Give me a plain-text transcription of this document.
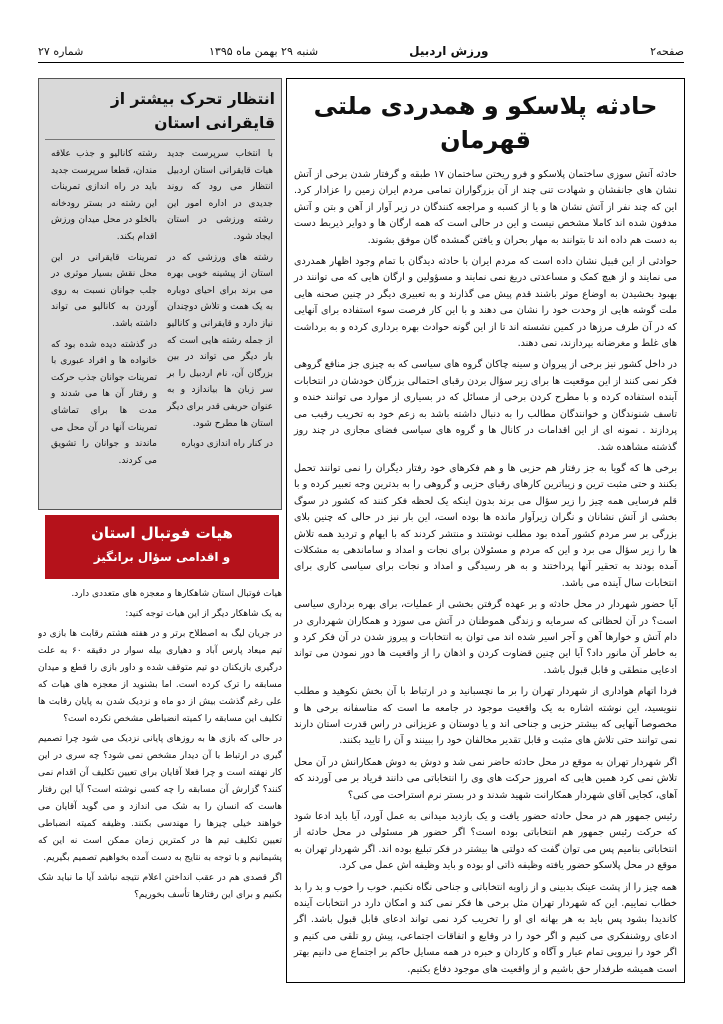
صفحه۲
ورزش اردبیل
شنبه ۲۹ بهمن ماه ۱۳۹۵
شماره ۲۷
حادثه پلاسکو و همدردی ملتی قهرمان

حادثه آتش سوزی ساختمان پلاسکو و فرو ریختن ساختمان ۱۷ طبقه و گرفتار شدن برخی از آتش نشان های جانفشان و شهادت تنی چند از آن بزرگواران تمامی مردم ایران زمین را عزادار کرد. این که چند نفر از آتش نشان ها و یا از کسبه و مراجعه کنندگان در زیر آوار از آهن و بتن و آتش مدفون شده اند کاملا مشخص نیست و این در حالی است که همه ارگان ها و دوایر ذیربط دست به دست هم داده اند تا بتوانند به مهار بحران و یافتن گمشده گان موفق بشوند.

حوادثی از این قبیل نشان داده است که مردم ایران با حادثه دیدگان با تمام وجود اظهار همدردی می نمایند و از هیچ کمک و مساعدتی دریغ نمی نمایند و مسؤولین و ارگان هایی که می توانند در بهبود بخشیدن به اوضاع موثر باشند قدم پیش می گذارند و به تعبیری دیگر در چنین صحنه هایی ملت گوشه هایی از وحدت خود را نشان می دهند و با این کار فرصت سوء استفاده برای آنهایی که در آن طرف مرزها در کمین نشسته اند تا از این گونه حوادث بهره برداری کرده و به برداشت های غلط و مغرضانه بپردازند، نمی دهند.

در داخل کشور نیز برخی از پیروان و سینه چاکان گروه های سیاسی که به چیزی جز منافع گروهی فکر نمی کنند از این موقعیت ها برای زیر سؤال بردن رقبای احتمالی بزرگان خودشان در انتخابات آینده استفاده کرده و با مطرح کردن برخی از مسائل که در بسیاری از موارد می توانند خنده و تاسف شنوندگان و خوانندگان مطالب را به دنبال داشته باشد به زعم خود به تخریب رقیب می پردازند . نمونه ای از این اقدامات در کانال ها و گروه های سیاسی فضای مجازی در چند روز گذشته مشاهده شد.

برخی ها که گویا به جز رفتار هم حزبی ها و هم فکرهای خود رفتار دیگران را نمی توانند تحمل بکنند و حتی مثبت ترین و زیباترین کارهای رقبای حزبی و گروهی را به بدترین وجه تعبیر کرده و با قلم فرسایی همه چیز را زیر سؤال می برند بدون اینکه یک لحظه فکر کنند که کشور در سوگ بخشی از آتش نشانان و نگران زیرآوار مانده ها بوده است، این بار نیز در حالی که چنین بلای بزرگی بر سر مردم کشور آمده بود مطلب نوشتند و منتشر کردند که با ایهام و تردید همه تلاش ها را زیر سؤال می برد و این که مردم و مسئولان برای نجات و امداد و ساماندهی به مشکلات آمده بودند به تحقیر آنها پرداختند و به هر رسیدگی و امداد و نجات برای سیاسی کاری برای انتخابات سال آینده می باشد.

آیا حضور شهردار در محل حادثه و بر عهده گرفتن بخشی از عملیات، برای بهره برداری سیاسی است؟ در آن لحظاتی که سرمایه و زندگی هموطنان در آتش می سوزد و همکاران شهرداری در دام آتش و خوارها آهن و آجر اسیر شده اند می توان به انتخابات و پیروز شدن در آن فکر کرد و به خاطر آن مانور داد؟ آیا این چنین قضاوت کردن و اذهان را از واقعیت ها دور نمودن می تواند ادعایی منطقی و قابل قبول باشد.

فردا اتهام هواداری از شهردار تهران را بر ما نچسبانید و در ارتباط با آن بخش نکوهید و مطلب ننویسید، این نوشته اشاره به یک واقعیت موجود در جامعه ما است که متاسفانه برخی ها و مخصوصا آنهایی که بیشتر حزبی و جناحی اند و یا دوستان و عزیزانی در راس قدرت استان دارند نمی توانند حتی تلاش های مثبت و قابل تقدیر مخالفان خود را ببینند و آن را تایید بکنند.

اگر شهردار تهران به موقع در محل حادثه حاضر نمی شد و دوش به دوش همکارانش در آن محل تلاش نمی کرد همین هایی که امروز حرکت های وی را انتخاباتی می دانند فریاد بر می آوردند که آهای، کجایی آقای شهردار همکارانت شهید شدند و در بستر نرم استراحت می کنی؟

رئیس جمهور هم در محل حادثه حضور یافت و یک بازدید میدانی به عمل آورد، آیا باید ادعا شود که حرکت رئیس جمهور هم انتخاباتی بوده است؟ اگر حضور هر مسئولی در محل حادثه از انتخاباتی بنامیم پس می توان گفت که دولتی ها بیشتر در فکر تبلیغ بوده اند. اگر شهردار تهران به موقع در محل پلاسکو حضور یافته وظیفه ذاتی او بوده و باید وظیفه اش عمل می کرد.

همه چیز را از پشت عینک بدبینی و از زاویه انتخاباتی و جناحی نگاه نکنیم. خوب را خوب و بد را بد خطاب نماییم. این که شهردار تهران مثل برخی ها فکر نمی کند و امکان دارد در انتخابات آینده کاندیدا بشود پس باید به هر بهانه ای او را تخریب کرد نمی تواند ادعای قابل قبول باشد. اگر ادعای روشنفکری می کنیم و اگر خود را در وقایع و اتفاقات اجتماعی، پیش رو تلقی می کنیم و اگر خود را نیرویی تمام عیار و آگاه و کاردان و خبره در همه مسایل حاکم بر اجتماع می دانیم بهتر است همیشه طرفدار حق باشیم و از واقعیت های موجود دفاع بکنیم.

انتظار تحرک بیشتر از قایقرانی استان

با انتخاب سرپرست جدید هیات قایقرانی استان اردبیل انتظار می رود که روند جدیدی در اداره امور این رشته ورزشی در استان ایجاد شود.

رشته های ورزشی که در استان از پیشینه خوبی بهره می برند برای احیای دوباره به یک همت و تلاش دوچندان نیاز دارد و قایقرانی و کانالیو از جمله رشته هایی است که بار دیگر می تواند در بین بزرگان آن، نام اردبیل را بر سر زبان ها بیاندازد و به عنوان حریفی قدر برای دیگر استان ها مطرح شود.

در کنار راه اندازی دوباره

رشته کانالیو و جذب علاقه مندان، قطعا سرپرست جدید باید در راه اندازی تمرینات این رشته در بستر رودخانه بالخلو در محل میدان ورزش اقدام بکند.

تمرینات قایقرانی در این محل نقش بسیار موثری در جلب جوانان نسبت به روی آوردن به کانالیو می تواند داشته باشد.

در گذشته دیده شده بود که خانواده ها و افراد عبوری با تمرینات جوانان جذب حرکت و رفتار آن ها می شدند و مدت ها برای تماشای تمرینات آنها در آن محل می ماندند و جوانان را تشویق می کردند.

هیات فوتبال استان
و اقدامی سؤال برانگیز

هیات فوتبال استان شاهکارها و معجزه های متعددی دارد.

به یک شاهکار دیگر از این هیات توجه کنید:

در جریان لیگ به اصطلاح برتر و در هفته هشتم رقابت ها بازی دو تیم میعاد پارس آباد و دهیاری بیله سوار در دقیقه ۶۰ به علت درگیری بازیکنان دو تیم متوقف شده و داور بازی را قطع و میدان مسابقه را ترک کرده است. اما بشنوید از معجزه های هیات که علی رغم گذشت بیش از دو ماه و نزدیک شدن به پایان رقابت ها تکلیف این مسابقه را کمیته انضباطی مشخص نکرده است؟

در حالی که بازی ها به روزهای پایانی نزدیک می شود چرا تصمیم گیری در ارتباط با آن دیدار مشخص نمی شود؟ چه سری در این کار نهفته است و چرا فعلا آقایان برای تعیین تکلیف آن اقدام نمی کنند؟ گزارش آن مسابقه را چه کسی نوشته است؟ آیا این رفتار هاست که انسان را به شک می اندازد و می گوید آقایان می خواهند خیلی چیزها را مهندسی بکنند. وظیفه کمیته انضباطی تعیین تکلیف تیم ها در کمترین زمان ممکن است نه این که پشیمانیم و با توجه به نتایج به دست آمده بخواهیم تصمیم بگیریم.

اگر قصدی هم در عقب انداختن اعلام نتیجه نباشد آیا ما نباید شک بکنیم و برای این رفتارها تأسف بخوریم؟
